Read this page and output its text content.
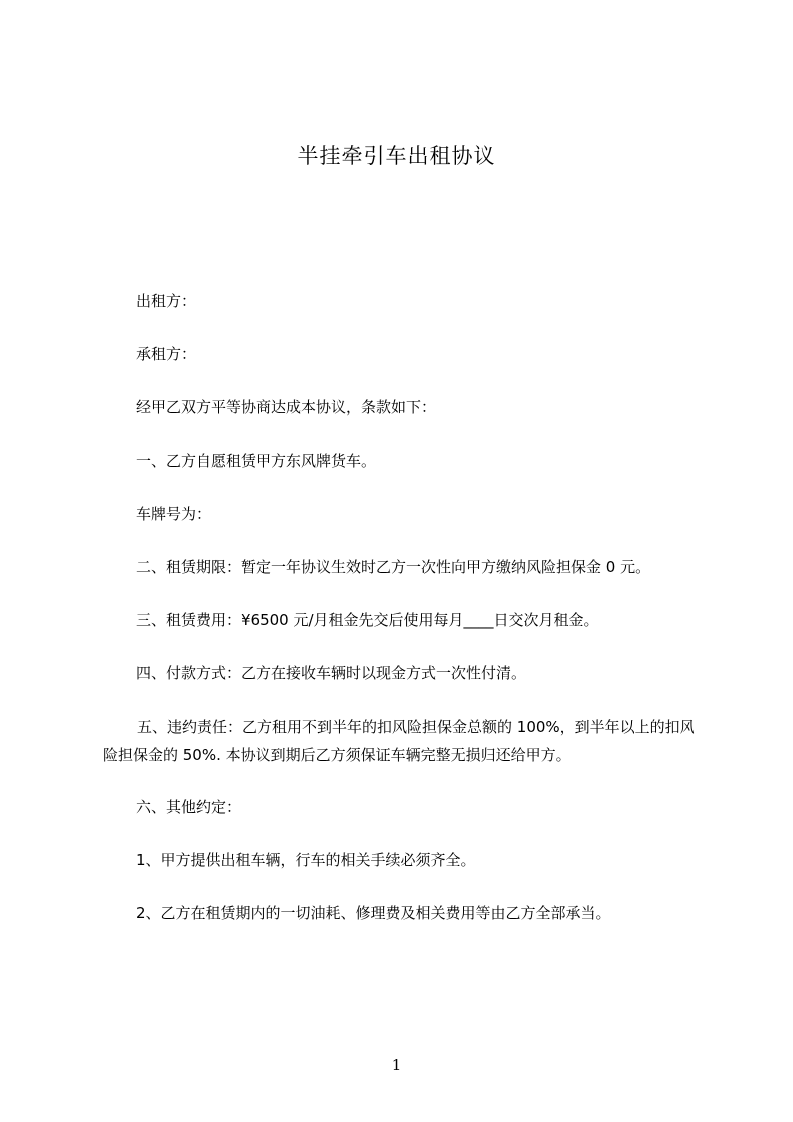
半挂牵引车出租协议
出租方：
承租方：
经甲乙双方平等协商达成本协议，条款如下：
一、乙方自愿租赁甲方东风牌货车。
车牌号为：
二、租赁期限：暂定一年协议生效时乙方一次性向甲方缴纳风险担保金 0 元。
三、租赁费用：¥6500 元/月租金先交后使用每月____日交次月租金。
四、付款方式：乙方在接收车辆时以现金方式一次性付清。
五、违约责任：乙方租用不到半年的扣风险担保金总额的 100%，到半年以上的扣风险担保金的 50%. 本协议到期后乙方须保证车辆完整无损归还给甲方。
六、其他约定：
1、甲方提供出租车辆，行车的相关手续必须齐全。
2、乙方在租赁期内的一切油耗、修理费及相关费用等由乙方全部承当。
1
